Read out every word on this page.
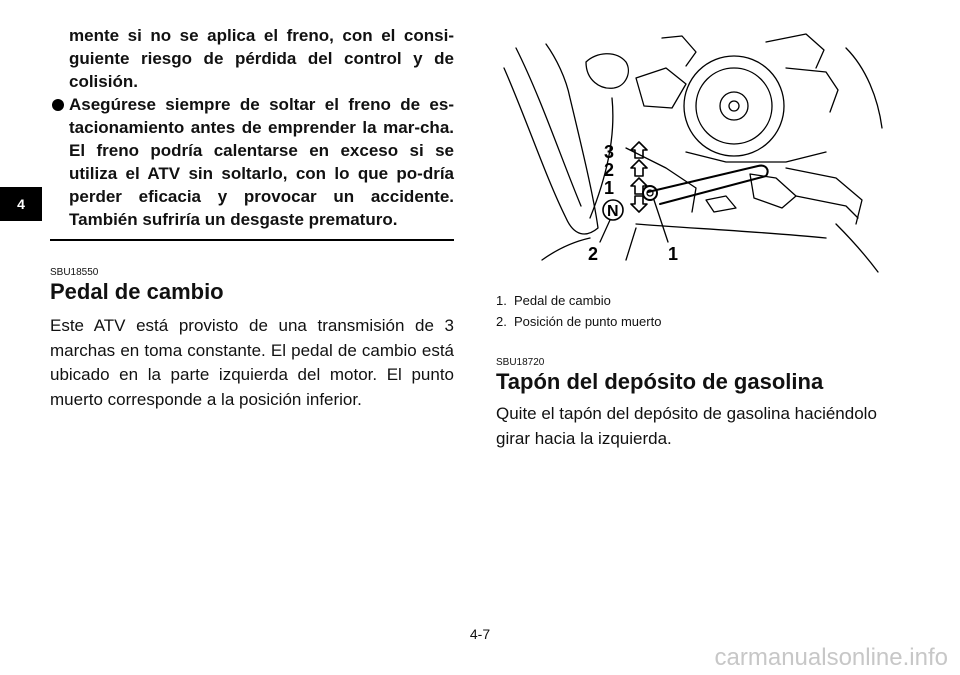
4

mente si no se aplica el freno, con el consi-guiente riesgo de pérdida del control y de colisión.

Asegúrese siempre de soltar el freno de es-tacionamiento antes de emprender la mar-cha. El freno podría calentarse en exceso si se utiliza el ATV sin soltarlo, con lo que po-dría perder eficacia y provocar un accidente. También sufriría un desgaste prematuro.

SBU18550

Pedal de cambio

Este ATV está provisto de una transmisión de 3 marchas en toma constante. El pedal de cambio está ubicado en la parte izquierda del motor. El punto muerto corresponde a la posición inferior.

3
2
1
N
2	1

1. Pedal de cambio

2. Posición de punto muerto

SBU18720

Tapón del depósito de gasolina

Quite el tapón del depósito de gasolina haciéndolo girar hacia la izquierda.

4-7
carmanualsonline.info
